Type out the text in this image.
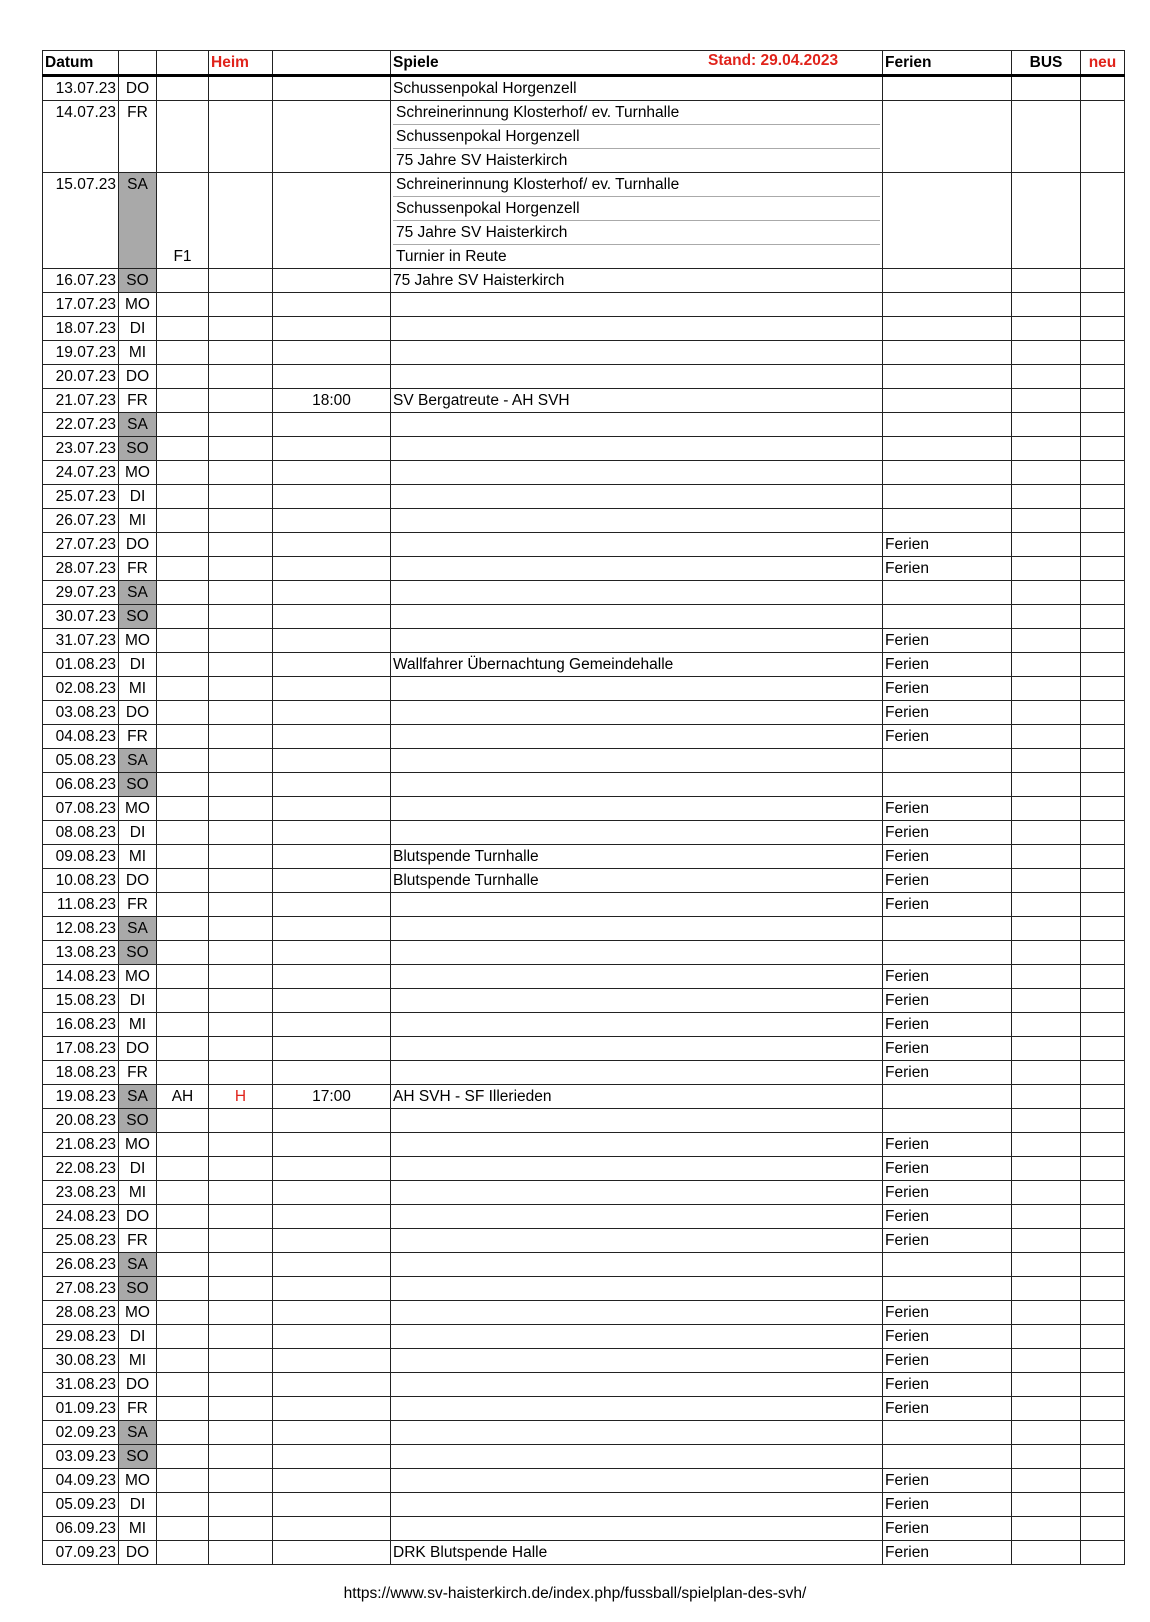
Datum			Heim		Spiele	Ferien	BUS	neu
13.07.23	DO				Schussenpokal Horgenzell			
14.07.23	FR				Schreinerinnung Klosterhof/ ev. Turnhalle
Schussenpokal Horgenzell
75 Jahre SV Haisterkirch			

15.07.23	SA	F1			Schreinerinnung Klosterhof/ ev. Turnhalle
Schussenpokal Horgenzell
75 Jahre SV Haisterkirch
Turnier in Reute			

16.07.23	SO				75 Jahre SV Haisterkirch			
17.07.23	MO							
18.07.23	DI							
19.07.23	MI							
20.07.23	DO							
21.07.23	FR			18:00	SV Bergatreute - AH SVH			
22.07.23	SA							
23.07.23	SO							
24.07.23	MO							
25.07.23	DI							
26.07.23	MI							
27.07.23	DO					Ferien		
28.07.23	FR					Ferien		
29.07.23	SA							
30.07.23	SO							
31.07.23	MO					Ferien		
01.08.23	DI				Wallfahrer Übernachtung Gemeindehalle	Ferien		
02.08.23	MI					Ferien		
03.08.23	DO					Ferien		
04.08.23	FR					Ferien		
05.08.23	SA							
06.08.23	SO							
07.08.23	MO					Ferien		
08.08.23	DI					Ferien		
09.08.23	MI				Blutspende Turnhalle	Ferien		
10.08.23	DO				Blutspende Turnhalle	Ferien		
11.08.23	FR					Ferien		
12.08.23	SA							
13.08.23	SO							
14.08.23	MO					Ferien		
15.08.23	DI					Ferien		
16.08.23	MI					Ferien		
17.08.23	DO					Ferien		
18.08.23	FR					Ferien		
19.08.23	SA	AH	H	17:00	AH SVH - SF Illerieden			
20.08.23	SO							
21.08.23	MO					Ferien		
22.08.23	DI					Ferien		
23.08.23	MI					Ferien		
24.08.23	DO					Ferien		
25.08.23	FR					Ferien		
26.08.23	SA							
27.08.23	SO							
28.08.23	MO					Ferien		
29.08.23	DI					Ferien		
30.08.23	MI					Ferien		
31.08.23	DO					Ferien		
01.09.23	FR					Ferien		
02.09.23	SA							
03.09.23	SO							
04.09.23	MO					Ferien		
05.09.23	DI					Ferien		
06.09.23	MI					Ferien		
07.09.23	DO				DRK Blutspende Halle	Ferien		
Stand: 29.04.2023
https://www.sv-haisterkirch.de/index.php/fussball/spielplan-des-svh/
